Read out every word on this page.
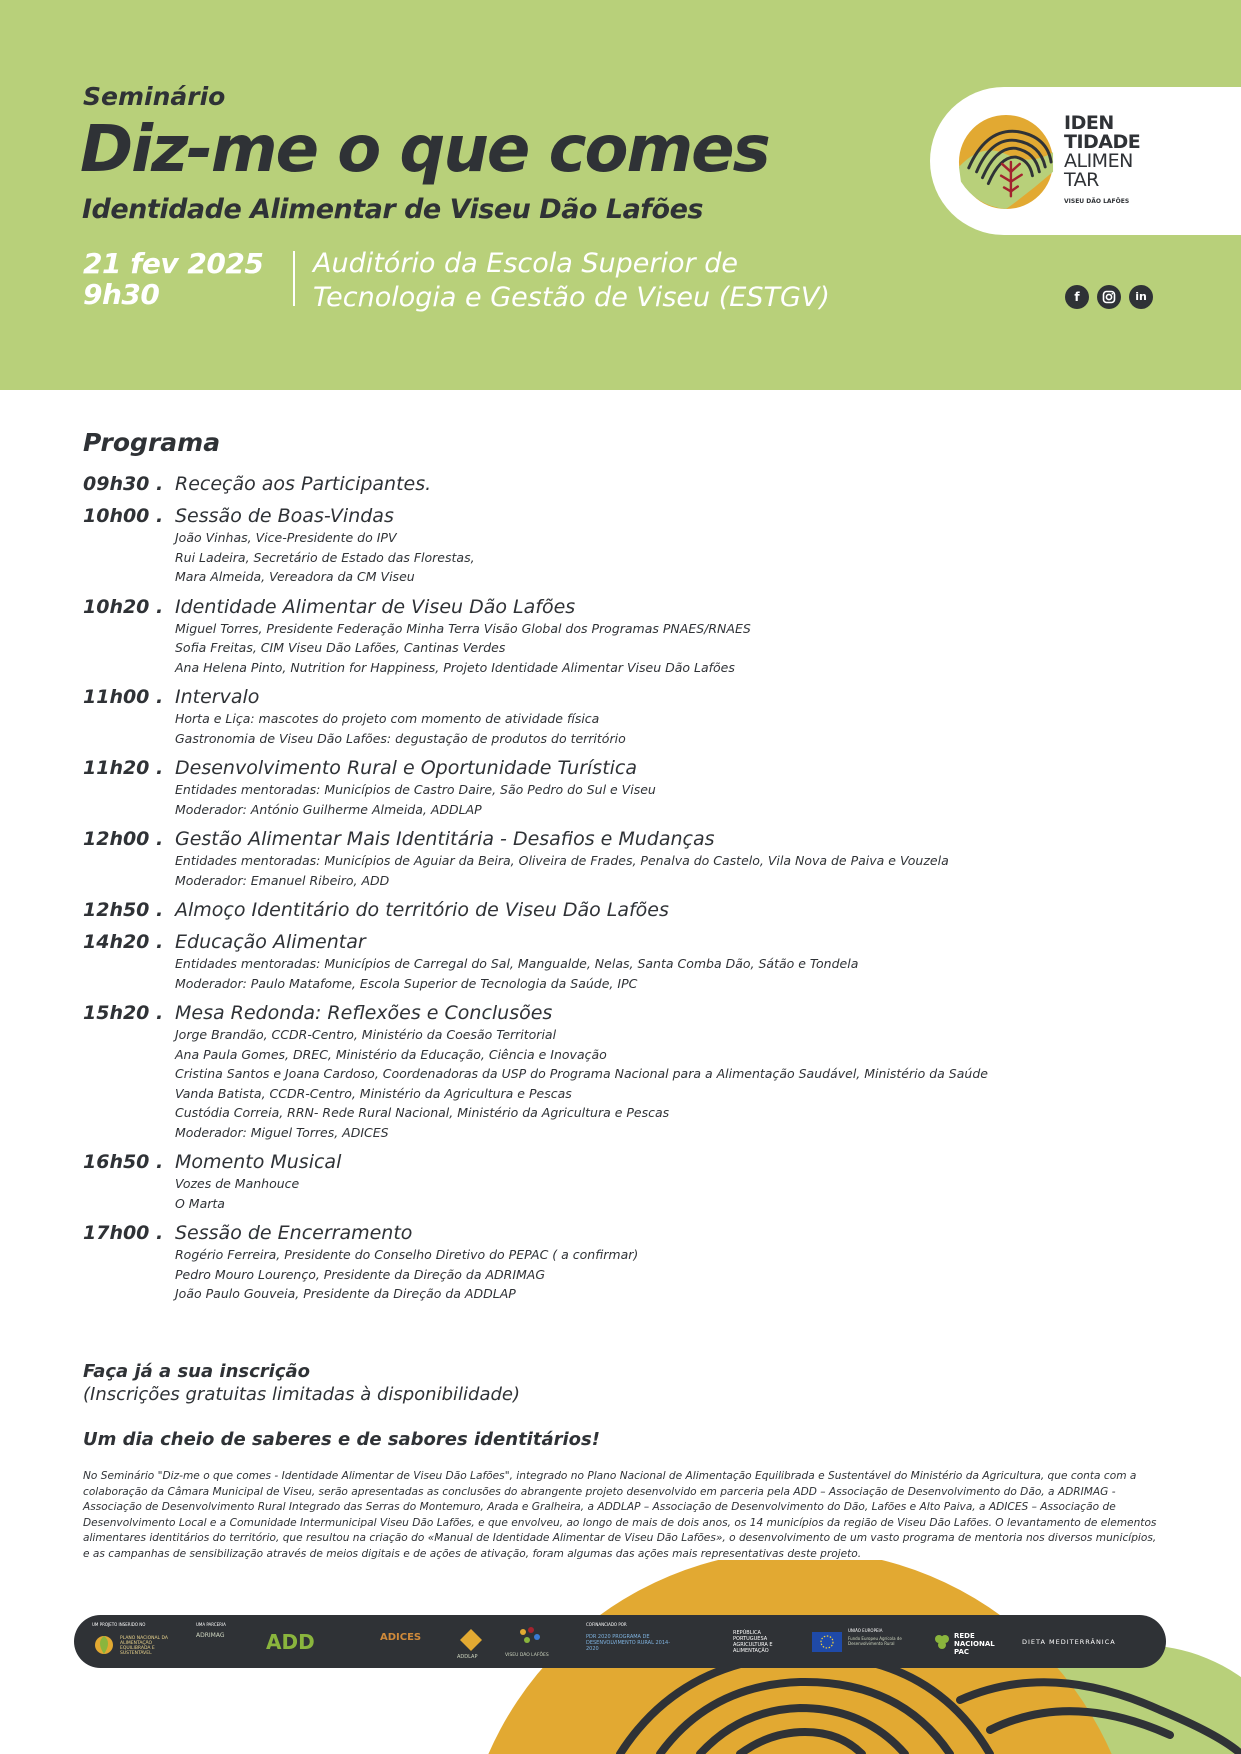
Seminário
Diz-me o que comes
Identidade Alimentar de Viseu Dão Lafões
21 fev 2025
9h30
Auditório da Escola Superior de
Tecnologia e Gestão de Viseu (ESTGV)
IDEN
TIDADE
ALIMEN
TAR
VISEU DÃO LAFÕES
f	in
Programa
09h30 . Receção aos Participantes.
10h00 . Sessão de Boas-Vindas
João Vinhas, Vice-Presidente do IPV
Rui Ladeira, Secretário de Estado das Florestas,
Mara Almeida, Vereadora da CM Viseu
10h20 . Identidade Alimentar de Viseu Dão Lafões
Miguel Torres, Presidente Federação Minha Terra Visão Global dos Programas PNAES/RNAES
Sofia Freitas, CIM Viseu Dão Lafões, Cantinas Verdes
Ana Helena Pinto, Nutrition for Happiness, Projeto Identidade Alimentar Viseu Dão Lafões
11h00 . Intervalo
Horta e Liça: mascotes do projeto com momento de atividade física
Gastronomia de Viseu Dão Lafões: degustação de produtos do território
11h20 . Desenvolvimento Rural e Oportunidade Turística
Entidades mentoradas: Municípios de Castro Daire, São Pedro do Sul e Viseu
Moderador: António Guilherme Almeida, ADDLAP
12h00 . Gestão Alimentar Mais Identitária - Desafios e Mudanças
Entidades mentoradas: Municípios de Aguiar da Beira, Oliveira de Frades, Penalva do Castelo, Vila Nova de Paiva e Vouzela
Moderador: Emanuel Ribeiro, ADD
12h50 . Almoço Identitário do território de Viseu Dão Lafões
14h20 . Educação Alimentar
Entidades mentoradas: Municípios de Carregal do Sal, Mangualde, Nelas, Santa Comba Dão, Sátão e Tondela
Moderador: Paulo Matafome, Escola Superior de Tecnologia da Saúde, IPC
15h20 . Mesa Redonda: Reflexões e Conclusões
Jorge Brandão, CCDR-Centro, Ministério da Coesão Territorial
Ana Paula Gomes, DREC, Ministério da Educação, Ciência e Inovação
Cristina Santos e Joana Cardoso, Coordenadoras da USP do Programa Nacional para a Alimentação Saudável, Ministério da Saúde
Vanda Batista, CCDR-Centro, Ministério da Agricultura e Pescas
Custódia Correia, RRN- Rede Rural Nacional, Ministério da Agricultura e Pescas
Moderador: Miguel Torres, ADICES
16h50 . Momento Musical
Vozes de Manhouce
O Marta
17h00 . Sessão de Encerramento
Rogério Ferreira, Presidente do Conselho Diretivo do PEPAC ( a confirmar)
Pedro Mouro Lourenço, Presidente da Direção da ADRIMAG
João Paulo Gouveia, Presidente da Direção da ADDLAP
Faça já a sua inscrição
(Inscrições gratuitas limitadas à disponibilidade)
Um dia cheio de saberes e de sabores identitários!
No Seminário "Diz-me o que comes - Identidade Alimentar de Viseu Dão Lafões", integrado no Plano Nacional de Alimentação Equilibrada e Sustentável do Ministério da Agricultura, que conta com a colaboração da Câmara Municipal de Viseu, serão apresentadas as conclusões do abrangente projeto desenvolvido em parceria pela ADD – Associação de Desenvolvimento do Dão, a ADRIMAG - Associação de Desenvolvimento Rural Integrado das Serras do Montemuro, Arada e Gralheira, a ADDLAP – Associação de Desenvolvimento do Dão, Lafões e Alto Paiva, a ADICES – Associação de Desenvolvimento Local e a Comunidade Intermunicipal Viseu Dão Lafões, e que envolveu, ao longo de mais de dois anos, os 14 municípios da região de Viseu Dão Lafões. O levantamento de elementos alimentares identitários do território, que resultou na criação do «Manual de Identidade Alimentar de Viseu Dão Lafões», o desenvolvimento de um vasto programa de mentoria nos diversos municípios, e as campanhas de sensibilização através de meios digitais e de ações de ativação, foram algumas das ações mais representativas deste projeto.
UM PROJETO INSERIDO NO
PLANO NACIONAL DA ALIMENTAÇÃO EQUILIBRADA E SUSTENTÁVEL
UMA PARCERIA
ADRIMAG ADD	ADICES
ADDLAP	VISEU DÃO LAFÕES
COFINANCIADO POR
PDR 2020 PROGRAMA DE DESENVOLVIMENTO RURAL 2014-2020
REPÚBLICA PORTUGUESA AGRICULTURA E ALIMENTAÇÃO
UNIÃO EUROPEIA
Fundo Europeu Agrícola de Desenvolvimento Rural
REDE NACIONAL PAC
DIETA MEDITERRÂNICA
